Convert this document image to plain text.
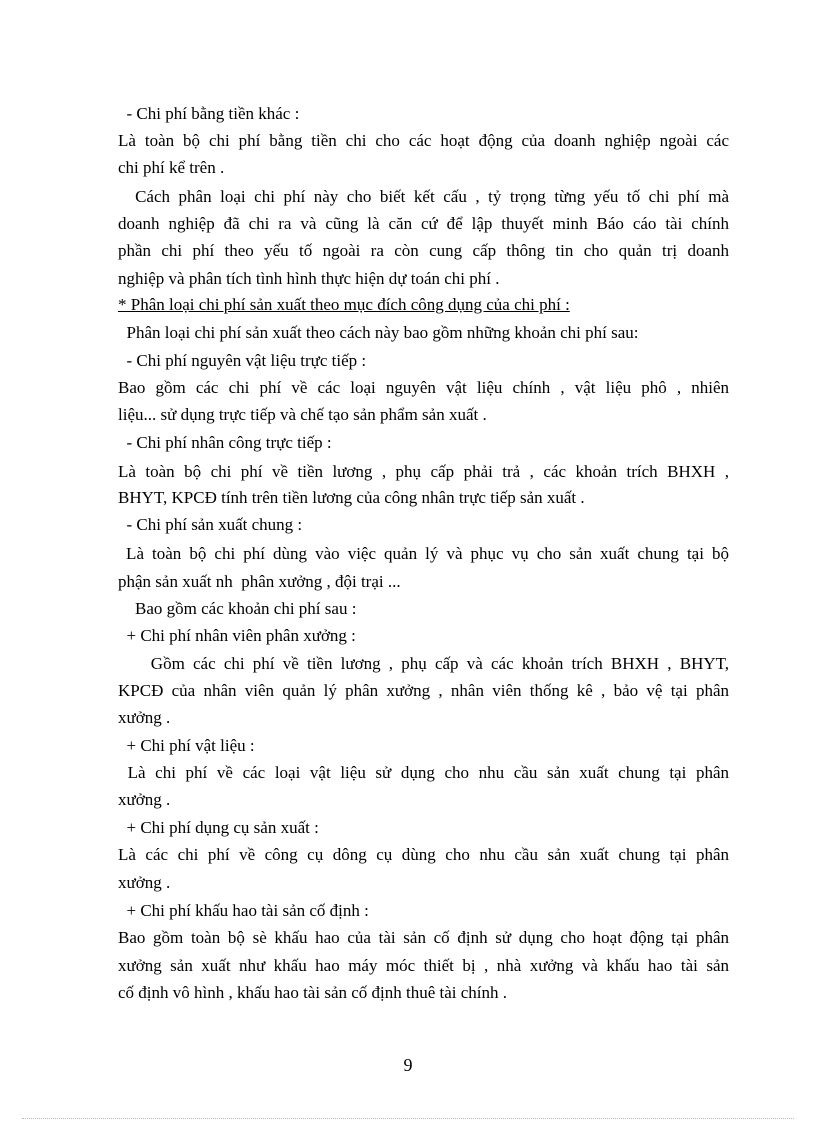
- Chi phí bằng tiền khác :
Là toàn bộ chi phí bằng tiền chi cho các hoạt động của doanh nghiệp ngoài các
chi phí kể trên .
Cách phân loại chi phí này cho biết kết cấu , tỷ trọng từng yếu tố chi phí mà
doanh nghiệp đã chi ra và cũng là căn cứ để lập thuyết minh Báo cáo tài chính
phần chi phí theo yếu tố ngoài ra còn cung cấp thông tin cho quản trị doanh
nghiệp và phân tích tình hình thực hiện dự toán chi phí .
* Phân loại chi phí sản xuất theo mục đích công dụng của chi phí :
Phân loại chi phí sản xuất theo cách này bao gồm những khoản chi phí sau:
- Chi phí nguyên vật liệu trực tiếp :
Bao gồm các chi phí về các loại nguyên vật liệu chính , vật liệu phô , nhiên
liệu... sử dụng trực tiếp và chế tạo sản phẩm sản xuất .
- Chi phí nhân công trực tiếp :
Là toàn bộ chi phí về tiền lương , phụ cấp phải trả , các khoản trích BHXH ,
BHYT, KPCĐ tính trên tiền lương của công nhân trực tiếp sản xuất .
- Chi phí sản xuất chung :
Là toàn bộ chi phí dùng vào việc quản lý và phục vụ cho sản xuất chung tại bộ
phận sản xuất nh  phân xưởng , đội trại ...
Bao gồm các khoản chi phí sau :
+ Chi phí nhân viên phân xưởng :
Gồm các chi phí về tiền lương , phụ cấp và các khoản trích BHXH , BHYT,
KPCĐ của nhân viên quản lý phân xưởng , nhân viên thống kê , bảo vệ tại phân
xưởng .
+ Chi phí vật liệu :
Là chi phí về các loại vật liệu sử dụng cho nhu cầu sản xuất chung tại phân
xưởng .
+ Chi phí dụng cụ sản xuất :
Là các chi phí về công cụ dông cụ dùng cho nhu cầu sản xuất chung tại phân
xưởng .
+ Chi phí khấu hao tài sản cố định :
Bao gồm toàn bộ sè khấu hao của tài sản cố định sử dụng cho hoạt động tại phân
xưởng sản xuất như khấu hao máy móc thiết bị , nhà xưởng và khấu hao tài sản
cố định vô hình , khấu hao tài sản cố định thuê tài chính .
9
